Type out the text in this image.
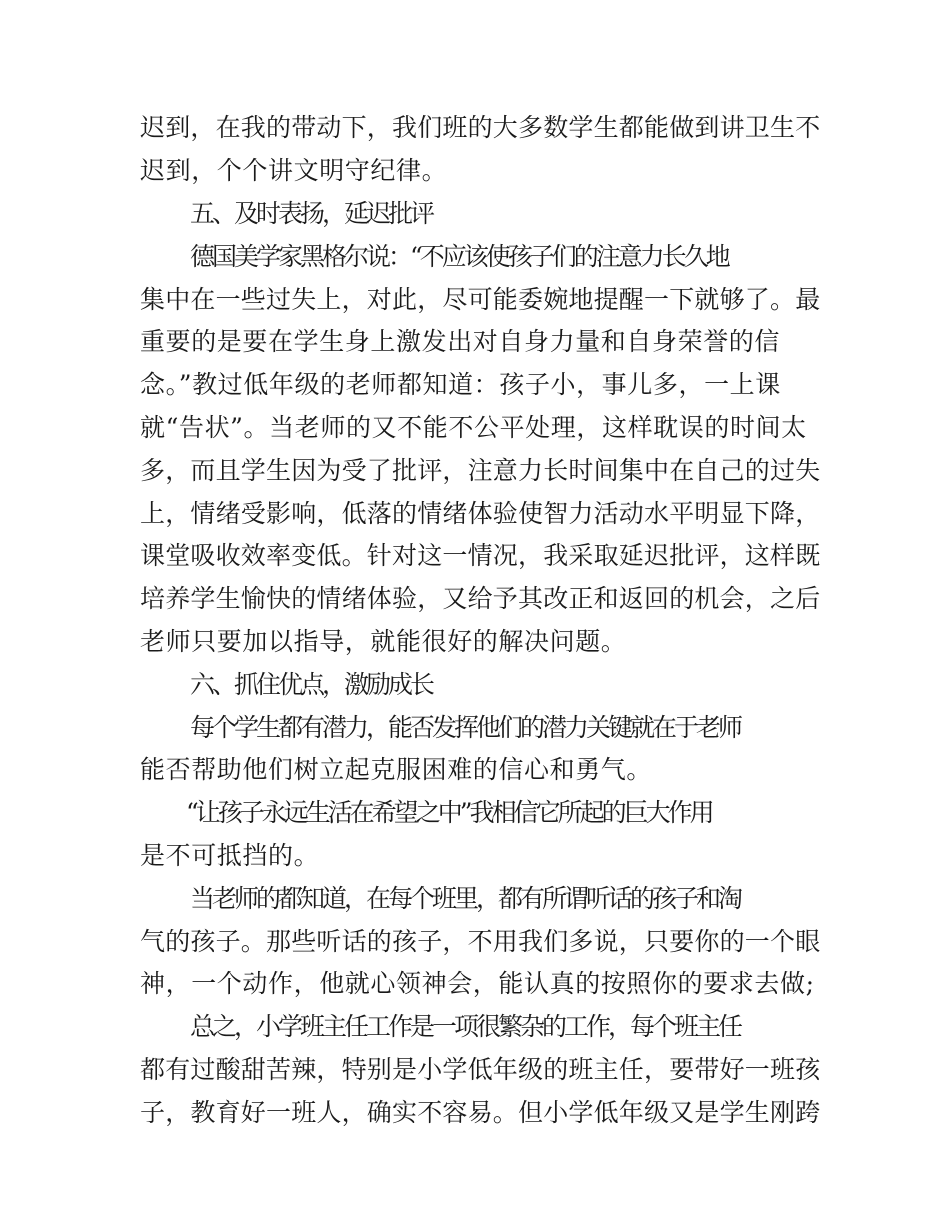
迟到，在我的带动下，我们班的大多数学生都能做到讲卫生不
迟到，个个讲文明守纪律。
五、及时表扬，延迟批评
德国美学家黑格尔说：“不应该使孩子们的注意力长久地
集中在一些过失上，对此，尽可能委婉地提醒一下就够了。最
重要的是要在学生身上激发出对自身力量和自身荣誉的信
念。”教过低年级的老师都知道：孩子小，事儿多，一上课
就“告状”。当老师的又不能不公平处理，这样耽误的时间太
多，而且学生因为受了批评，注意力长时间集中在自己的过失
上，情绪受影响，低落的情绪体验使智力活动水平明显下降，
课堂吸收效率变低。针对这一情况，我采取延迟批评，这样既
培养学生愉快的情绪体验，又给予其改正和返回的机会，之后
老师只要加以指导，就能很好的解决问题。
六、抓住优点，激励成长
每个学生都有潜力，能否发挥他们的潜力关键就在于老师
能否帮助他们树立起克服困难的信心和勇气。
“让孩子永远生活在希望之中”我相信它所起的巨大作用
是不可抵挡的。
当老师的都知道，在每个班里，都有所谓听话的孩子和淘
气的孩子。那些听话的孩子，不用我们多说，只要你的一个眼
神，一个动作，他就心领神会，能认真的按照你的要求去做;
总之，小学班主任工作是一项很繁杂的工作，每个班主任
都有过酸甜苦辣，特别是小学低年级的班主任，要带好一班孩
子，教育好一班人，确实不容易。但小学低年级又是学生刚跨
